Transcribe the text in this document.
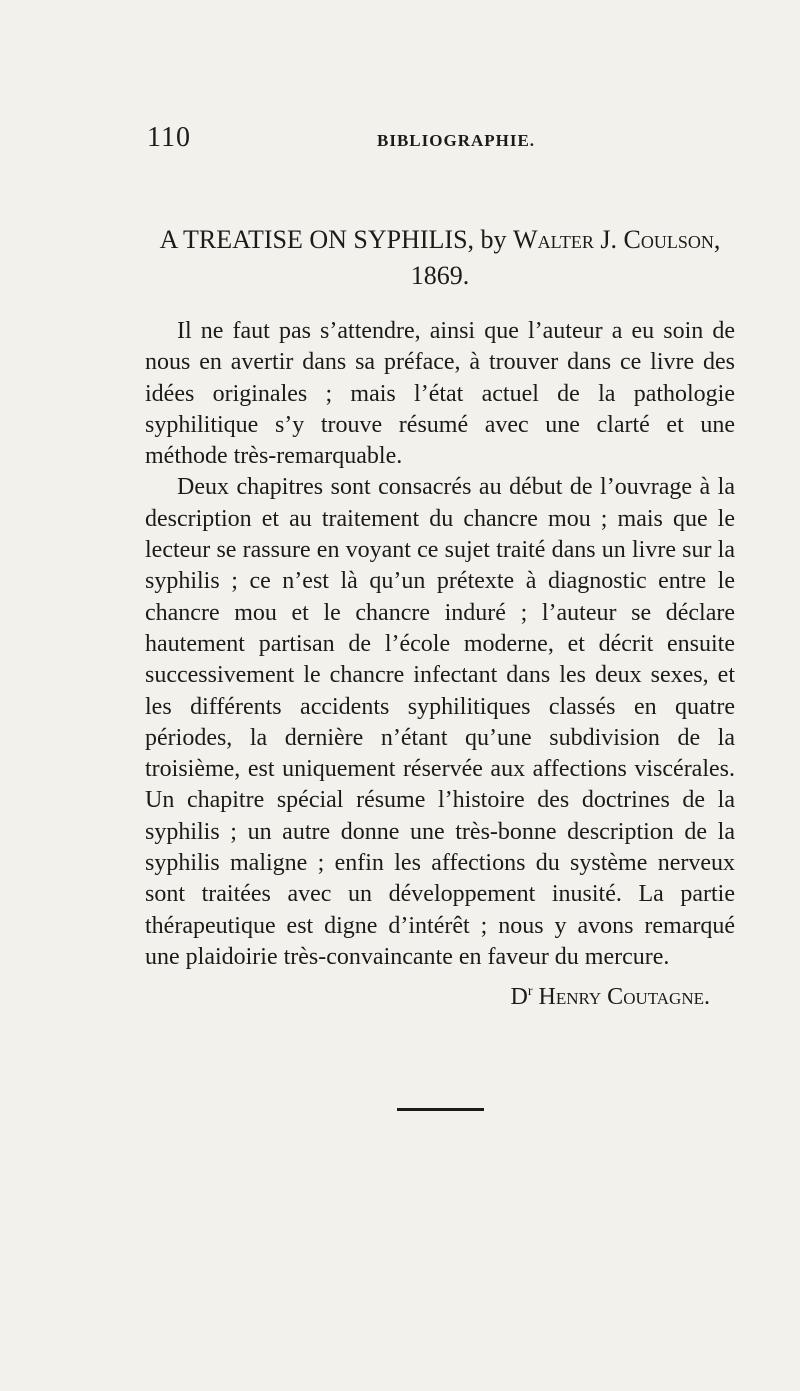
110	BIBLIOGRAPHIE.
A TREATISE ON SYPHILIS, by Walter J. Coulson,
1869.

Il ne faut pas s’attendre, ainsi que l’auteur a eu soin de nous en avertir dans sa préface, à trouver dans ce livre des idées originales ; mais l’état actuel de la pathologie syphilitique s’y trouve résumé avec une clarté et une méthode très-remarquable.

Deux chapitres sont consacrés au début de l’ouvrage à la description et au traitement du chancre mou ; mais que le lecteur se rassure en voyant ce sujet traité dans un livre sur la syphilis ; ce n’est là qu’un prétexte à diagnostic entre le chancre mou et le chancre induré ; l’auteur se déclare hautement partisan de l’école moderne, et décrit ensuite successivement le chancre infectant dans les deux sexes, et les différents accidents syphilitiques classés en quatre périodes, la dernière n’étant qu’une subdivision de la troisième, est uniquement réservée aux affections viscérales. Un chapitre spécial résume l’histoire des doctrines de la syphilis ; un autre donne une très-bonne description de la syphilis maligne ; enfin les affections du système nerveux sont traitées avec un développement inusité. La partie thérapeutique est digne d’intérêt ; nous y avons remarqué une plaidoirie très-convaincante en faveur du mercure.

$D^r$ Henry Coutagne.
